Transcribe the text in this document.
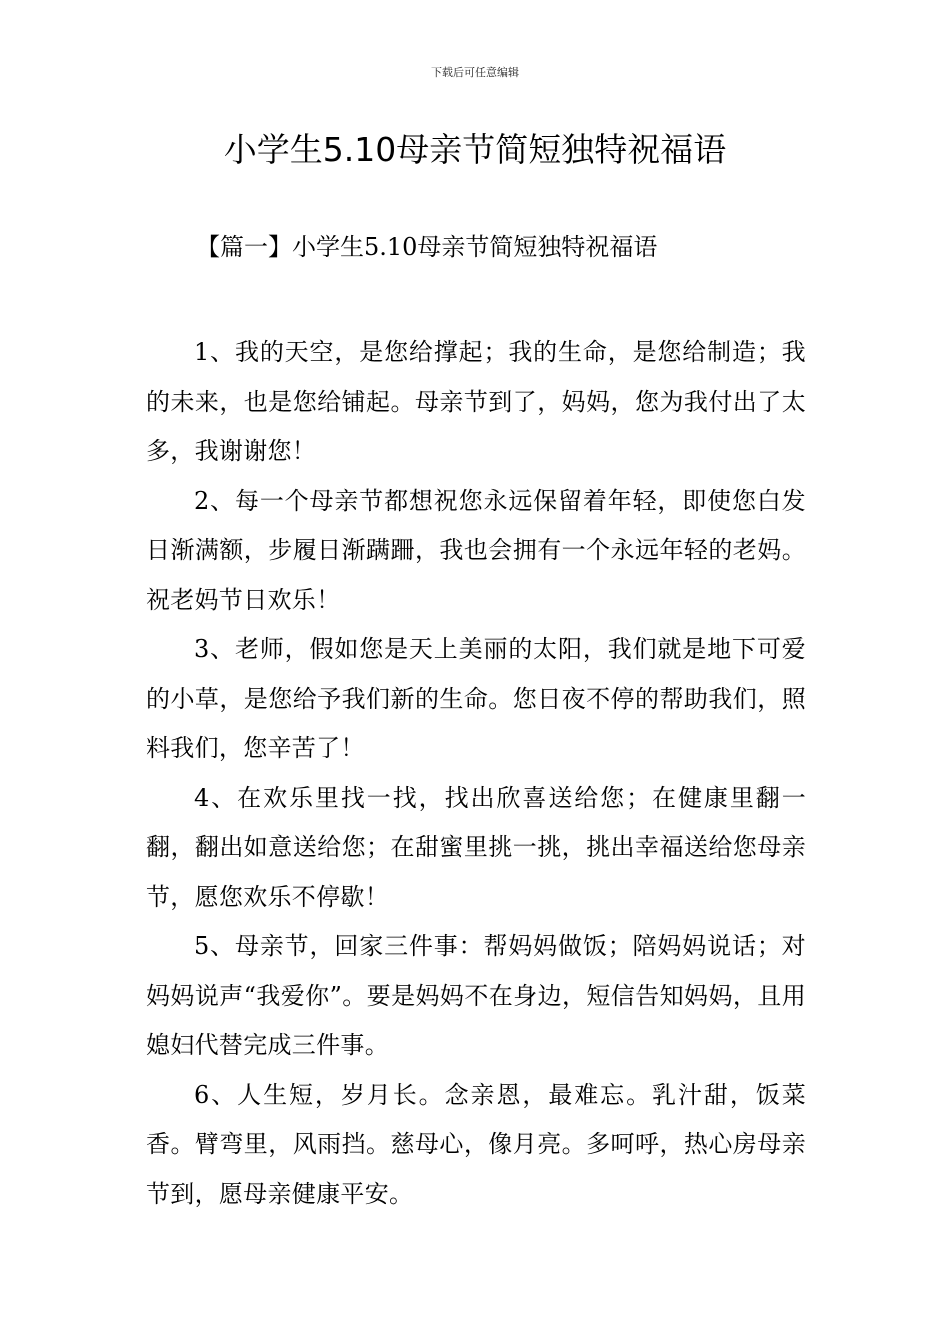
下载后可任意编辑
小学生5.10母亲节简短独特祝福语
【篇一】小学生5.10母亲节简短独特祝福语

1、我的天空，是您给撑起；我的生命，是您给制造；我的未来，也是您给铺起。母亲节到了，妈妈，您为我付出了太多，我谢谢您！

2、每一个母亲节都想祝您永远保留着年轻，即使您白发日渐满额，步履日渐蹒跚，我也会拥有一个永远年轻的老妈。祝老妈节日欢乐！

3、老师，假如您是天上美丽的太阳，我们就是地下可爱的小草，是您给予我们新的生命。您日夜不停的帮助我们，照料我们，您辛苦了！

4、在欢乐里找一找，找出欣喜送给您；在健康里翻一翻，翻出如意送给您；在甜蜜里挑一挑，挑出幸福送给您母亲节，愿您欢乐不停歇！

5、母亲节，回家三件事：帮妈妈做饭；陪妈妈说话；对妈妈说声“我爱你”。要是妈妈不在身边，短信告知妈妈，且用媳妇代替完成三件事。

6、人生短，岁月长。念亲恩，最难忘。乳汁甜，饭菜香。臂弯里，风雨挡。慈母心，像月亮。多呵呼，热心房母亲节到，愿母亲健康平安。
